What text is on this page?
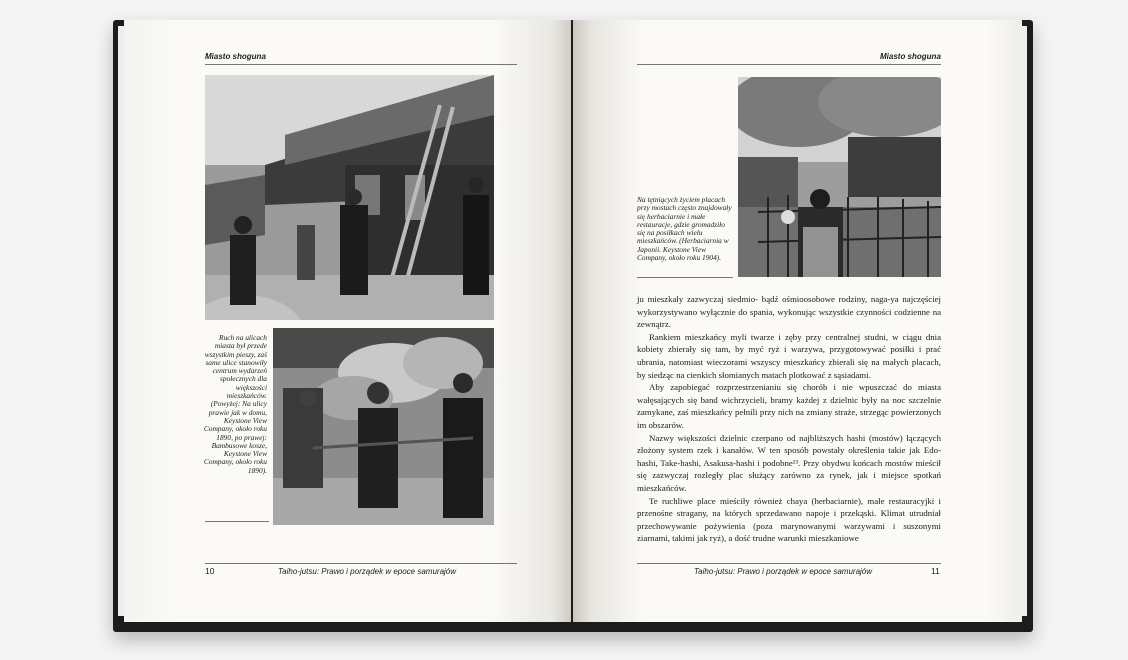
Miasto shoguna
Ruch na ulicach miasta był przede wszystkim pieszy, zaś same ulice stanowiły centrum wydarzeń społecznych dla większości mieszkańców. (Powyżej: Na ulicy prawie jak w domu, Keystone View Company, około roku 1890, po prawej: Bambusowe kosze, Keystone View Company, około roku 1890).
10	Taiho-jutsu: Prawo i porządek w epoce samurajów
Miasto shoguna
Na tętniących życiem placach przy mostach często znajdowały się herbaciarnie i małe restauracje, gdzie gromadziło się na posiłkach wielu mieszkańców. (Herbaciarnia w Japonii. Keystone View Company, około roku 1904).

ju mieszkały zazwyczaj siedmio- bądź ośmioosobowe rodziny, naga-ya najczęściej wykorzystywano wyłącznie do spania, wykonując wszystkie czynności codzienne na zewnątrz.

Rankiem mieszkańcy myli twarze i zęby przy centralnej studni, w ciągu dnia kobiety zbierały się tam, by myć ryż i warzywa, przygotowywać posiłki i prać ubrania, natomiast wieczorami wszyscy mieszkańcy zbierali się na małych placach, by siedząc na cienkich słomianych matach plotkować z sąsiadami.

Aby zapobiegać rozprzestrzenianiu się chorób i nie wpuszczać do miasta wałęsających się band wichrzycieli, bramy każdej z dzielnic były na noc szczelnie zamykane, zaś mieszkańcy pełnili przy nich na zmiany straże, strzegąc powierzonych im obszarów.

Nazwy większości dzielnic czerpano od najbliższych hashi (mostów) łączących złożony system rzek i kanałów. W ten sposób powstały określenia takie jak Edo-hashi, Take-hashi, Asakusa-hashi i podobne¹³. Przy obydwu końcach mostów mieścił się zazwyczaj rozległy plac służący zarówno za rynek, jak i miejsce spotkań mieszkańców.

Te ruchliwe place mieściły również chaya (herbaciarnie), małe restauracyjki i przenośne straganу, na których sprzedawano napoje i przekąski. Klimat utrudniał przechowywanie pożywienia (poza marynowanymi warzywami i suszonymi ziarnami, takimi jak ryż), a dość trudne warunki mieszkaniowe

Taiho-jutsu: Prawo i porządek w epoce samurajów	11
